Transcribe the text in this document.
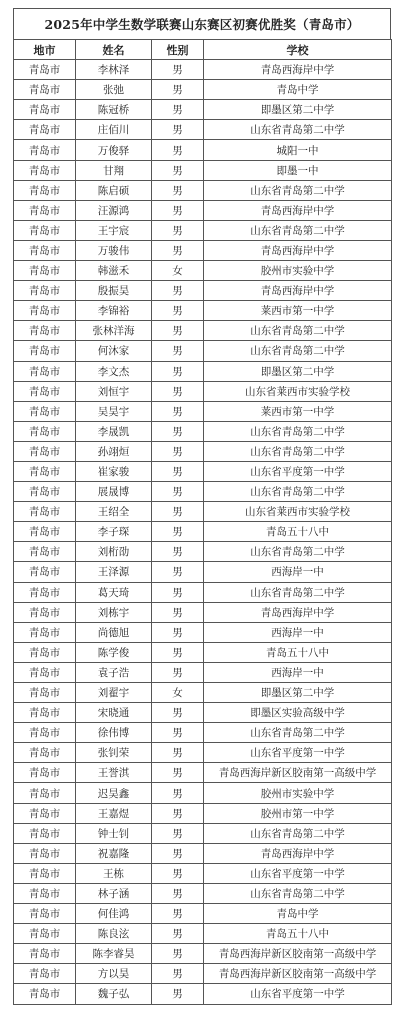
2025年中学生数学联赛山东赛区初赛优胜奖（青岛市）
地市	姓名	性别	学校
青岛市	李林泽	男	青岛西海岸中学
青岛市	张弛	男	青岛中学
青岛市	陈冠桥	男	即墨区第二中学
青岛市	庄佰川	男	山东省青岛第二中学
青岛市	万俊驿	男	城阳一中
青岛市	甘翔	男	即墨一中
青岛市	陈启硕	男	山东省青岛第二中学
青岛市	汪源鸿	男	青岛西海岸中学
青岛市	王宇宸	男	山东省青岛第二中学
青岛市	万骏伟	男	青岛西海岸中学
青岛市	韩滋禾	女	胶州市实验中学
青岛市	殷振昊	男	青岛西海岸中学
青岛市	李锦裕	男	莱西市第一中学
青岛市	张林洋海	男	山东省青岛第二中学
青岛市	何沐家	男	山东省青岛第二中学
青岛市	李文杰	男	即墨区第二中学
青岛市	刘恒宇	男	山东省莱西市实验学校
青岛市	吴昊宇	男	莱西市第一中学
青岛市	李晟凯	男	山东省青岛第二中学
青岛市	孙翊烜	男	山东省青岛第二中学
青岛市	崔家骏	男	山东省平度第一中学
青岛市	展晟博	男	山东省青岛第二中学
青岛市	王绍全	男	山东省莱西市实验学校
青岛市	李子琛	男	青岛五十八中
青岛市	刘桁劭	男	山东省青岛第二中学
青岛市	王泽源	男	西海岸一中
青岛市	葛天琦	男	山东省青岛第二中学
青岛市	刘栋宇	男	青岛西海岸中学
青岛市	尚德旭	男	西海岸一中
青岛市	陈学俊	男	青岛五十八中
青岛市	袁子浩	男	西海岸一中
青岛市	刘翟宇	女	即墨区第二中学
青岛市	宋晓通	男	即墨区实验高级中学
青岛市	徐伟博	男	山东省青岛第二中学
青岛市	张钊荣	男	山东省平度第一中学
青岛市	王誉淇	男	青岛西海岸新区胶南第一高级中学
青岛市	迟昊鑫	男	胶州市实验中学
青岛市	王嘉煜	男	胶州市第一中学
青岛市	钟士钊	男	山东省青岛第二中学
青岛市	祝嘉隆	男	青岛西海岸中学
青岛市	王栋	男	山东省平度第一中学
青岛市	林子涵	男	山东省青岛第二中学
青岛市	何佳鸿	男	青岛中学
青岛市	陈良泫	男	青岛五十八中
青岛市	陈李睿昊	男	青岛西海岸新区胶南第一高级中学
青岛市	方以昊	男	青岛西海岸新区胶南第一高级中学
青岛市	魏子弘	男	山东省平度第一中学
